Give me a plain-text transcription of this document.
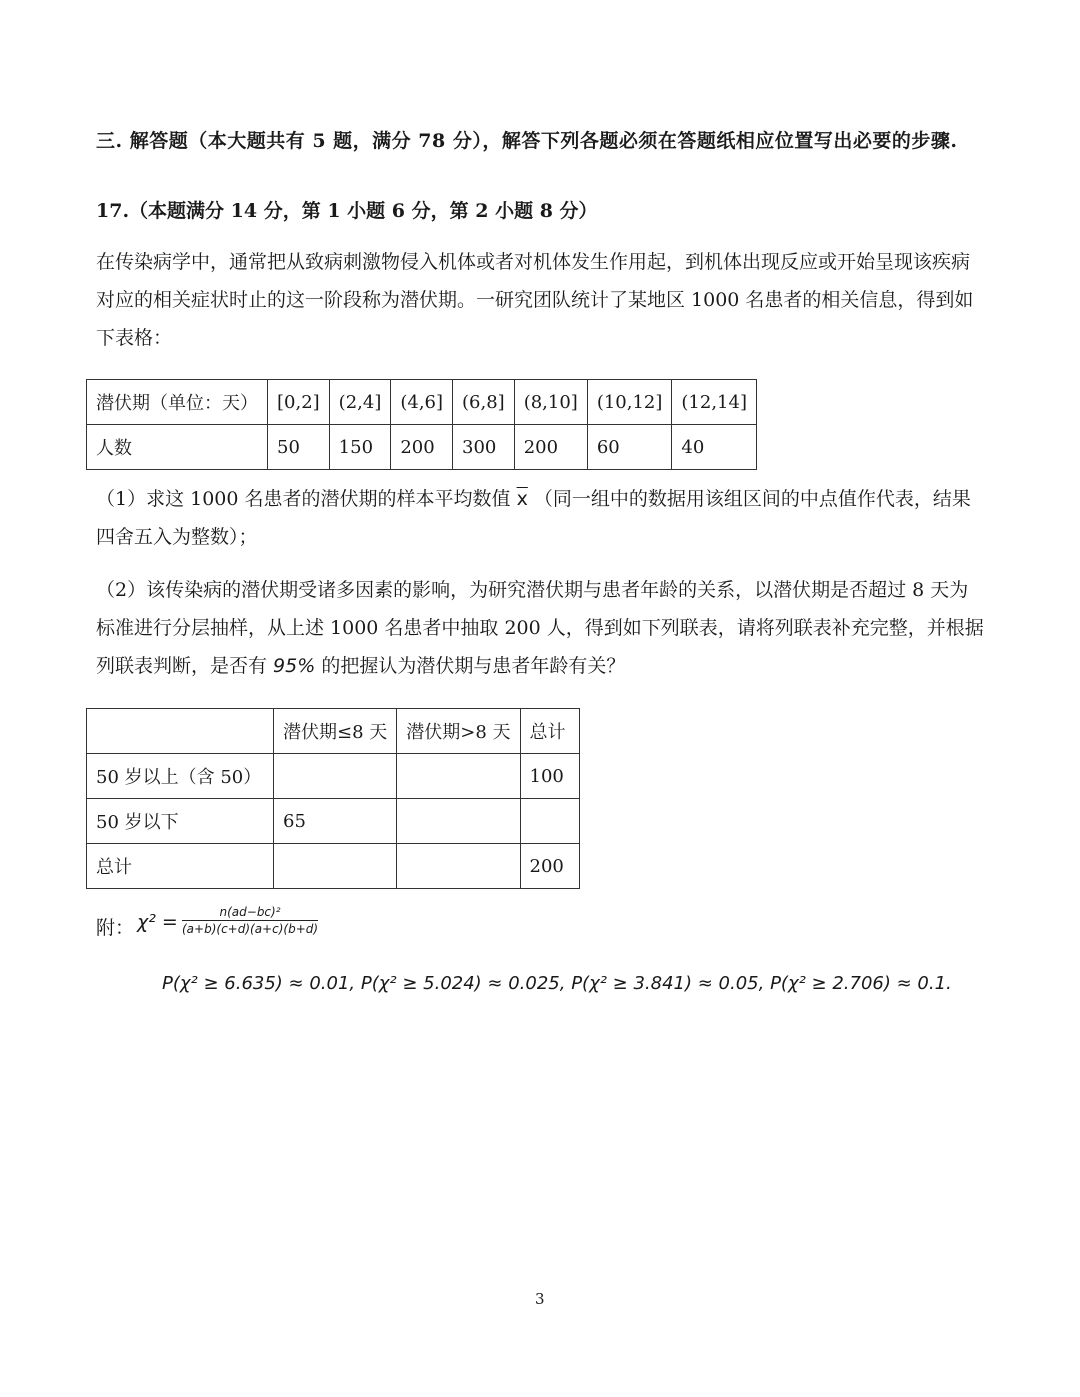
三. 解答题（本大题共有 5 题，满分 78 分），解答下列各题必须在答题纸相应位置写出必要的步骤.
17.（本题满分 14 分，第 1 小题 6 分，第 2 小题 8 分）
在传染病学中，通常把从致病刺激物侵入机体或者对机体发生作用起，到机体出现反应或开始呈现该疾病对应的相关症状时止的这一阶段称为潜伏期。一研究团队统计了某地区 1000 名患者的相关信息，得到如下表格：
潜伏期（单位：天）	[0,2]	(2,4]	(4,6]	(6,8]	(8,10]	(10,12]	(12,14]
人数	50	150	200	300	200	60	40
（1）求这 1000 名患者的潜伏期的样本平均数值 $\overline{x}$ （同一组中的数据用该组区间的中点值作代表，结果四舍五入为整数）；
（2）该传染病的潜伏期受诸多因素的影响，为研究潜伏期与患者年龄的关系，以潜伏期是否超过 8 天为标准进行分层抽样，从上述 1000 名患者中抽取 200 人，得到如下列联表，请将列联表补充完整，并根据列联表判断，是否有 95% 的把握认为潜伏期与患者年龄有关？
	潜伏期≤8 天	潜伏期>8 天	总计
50 岁以上（含 50）			100
50 岁以下	65		
总计			200
附： $\chi^2 = \frac{\text{n(ad−bc)²}}{(a+b)(c+d)(a+c)(b+d)}$
P(χ² ≥ 6.635) ≈ 0.01, P(χ² ≥ 5.024) ≈ 0.025, P(χ² ≥ 3.841) ≈ 0.05, P(χ² ≥ 2.706) ≈ 0.1.
3
